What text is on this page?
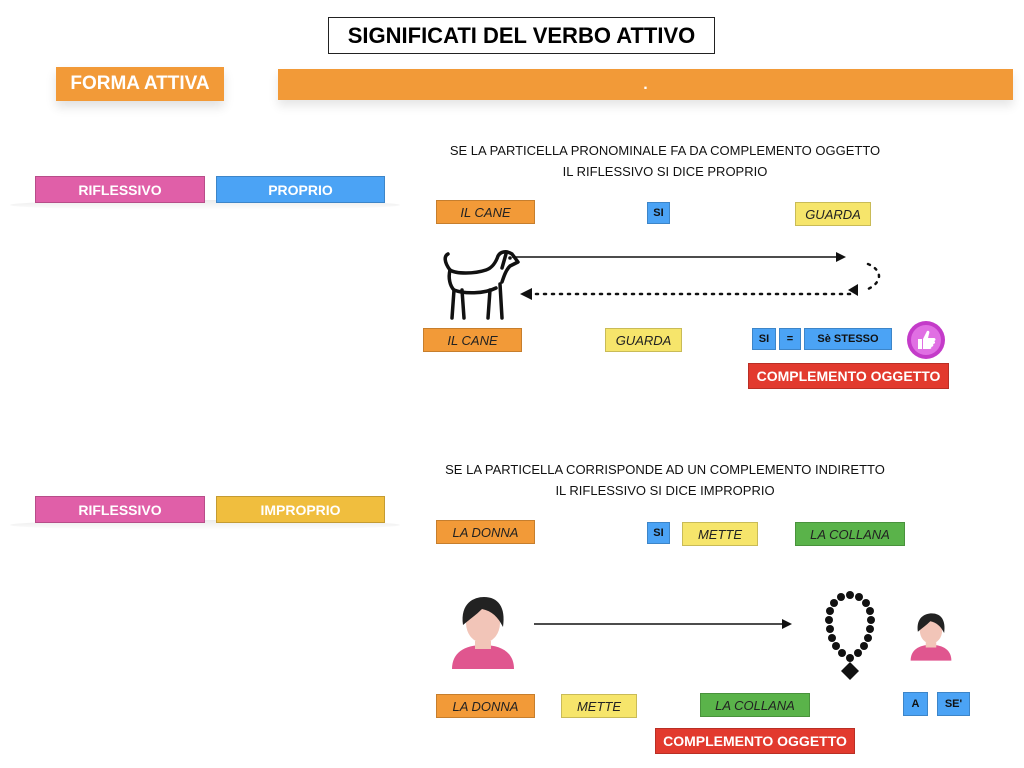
SIGNIFICATI DEL VERBO ATTIVO
FORMA ATTIVA	.
RIFLESSIVO	PROPRIO
SE LA PARTICELLA PRONOMINALE FA DA COMPLEMENTO OGGETTO
IL RIFLESSIVO SI DICE PROPRIO
IL CANE	SI	GUARDA
IL CANE	GUARDA	SI	=	Sè STESSO
COMPLEMENTO OGGETTO
RIFLESSIVO	IMPROPRIO
SE LA PARTICELLA CORRISPONDE AD UN COMPLEMENTO INDIRETTO
IL RIFLESSIVO SI DICE IMPROPRIO
LA DONNA	SI	METTE	LA COLLANA
LA DONNA	METTE	LA COLLANA	A	SE'
COMPLEMENTO OGGETTO
